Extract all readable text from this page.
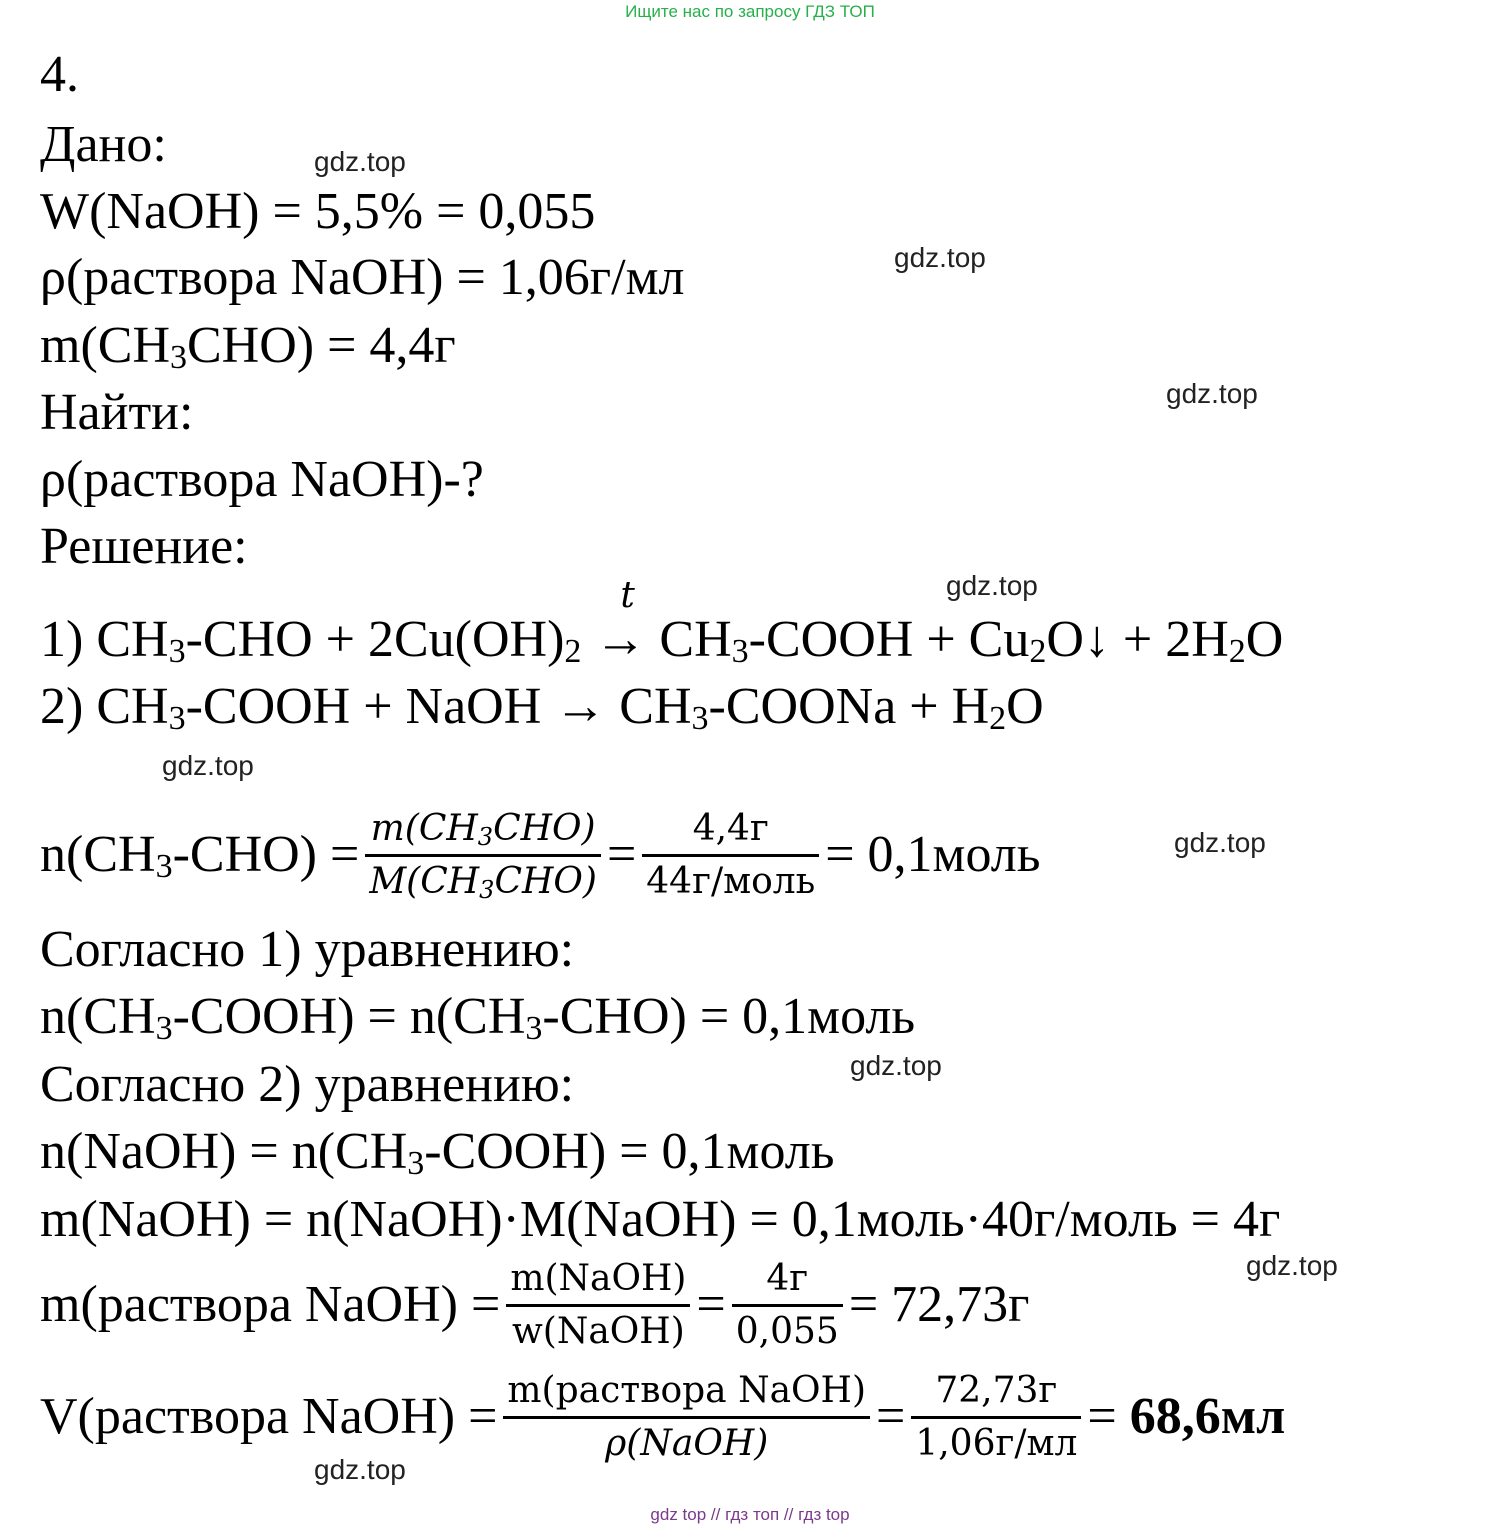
Ищите нас по запросу ГДЗ ТОП
4.
Дано:
W(NaOH) = 5,5% = 0,055
ρ(раствора NaOH) = 1,06г/мл
$m(CH_3CHO) = 4,4г$
Найти:
ρ(раствора NaOH)-?
Решение:
1) $CH_3$-CHO + $2Cu(OH)_2$
t
→ $CH_3$-COOH + $Cu_2O↓ + 2H_2O$
2) $CH_3$-COOH + NaOH → $CH_3$-COONa + $H_2O$
$n(CH_3-CHO) = \frac{m(CH_3CHO)}{M(CH_3CHO)} = \frac{4,4г}{\text{44г/моль}}$ = 0,1моль
Согласно 1) уравнению:
$n(CH_3-COOH) = n(CH_3-CHO)$ = 0,1моль
Согласно 2) уравнению:
n(NaOH) = $n(CH_3-COOH)$ = 0,1моль
m(NaOH) = n(NaOH)·M(NaOH) = 0,1моль·40г/моль = 4г
m(раствора NaOH) = $\frac{\text{m(NaOH)}}{\text{w(NaOH)}} = \frac{4г}{0,055} = 72,73г$
V(раствора NaOH) = $\frac{\text{m(раствора NaOH)}}{\text{ρ(NaOH)}} = \frac{72,73г}{1,06г/мл} = 68,6мл$
gdz.top
gdz.top
gdz.top
gdz.top
gdz.top
gdz.top
gdz.top
gdz.top
gdz.top
gdz top // гдз топ // гдз top
